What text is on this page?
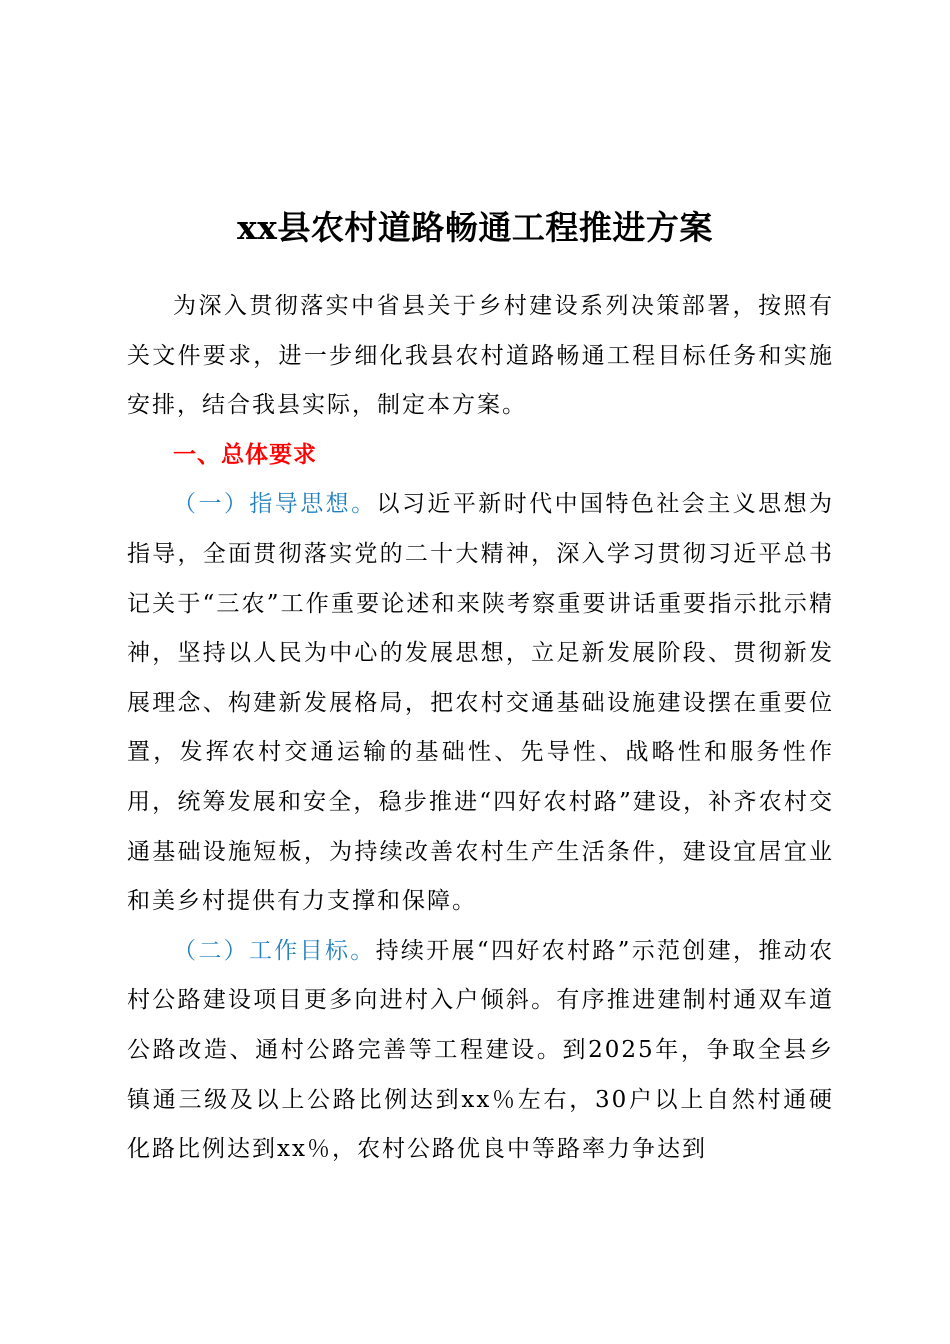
xx县农村道路畅通工程推进方案

为深入贯彻落实中省县关于乡村建设系列决策部署，按照有关文件要求，进一步细化我县农村道路畅通工程目标任务和实施安排，结合我县实际，制定本方案。

一、总体要求

（一）指导思想。以习近平新时代中国特色社会主义思想为指导，全面贯彻落实党的二十大精神，深入学习贯彻习近平总书记关于“三农”工作重要论述和来陕考察重要讲话重要指示批示精神，坚持以人民为中心的发展思想，立足新发展阶段、贯彻新发展理念、构建新发展格局，把农村交通基础设施建设摆在重要位置，发挥农村交通运输的基础性、先导性、战略性和服务性作用，统筹发展和安全，稳步推进“四好农村路”建设，补齐农村交通基础设施短板，为持续改善农村生产生活条件，建设宜居宜业和美乡村提供有力支撑和保障。

（二）工作目标。持续开展“四好农村路”示范创建，推动农村公路建设项目更多向进村入户倾斜。有序推进建制村通双车道公路改造、通村公路完善等工程建设。到2025年，争取全县乡镇通三级及以上公路比例达到xx％左右，30户以上自然村通硬化路比例达到xx％，农村公路优良中等路率力争达到
